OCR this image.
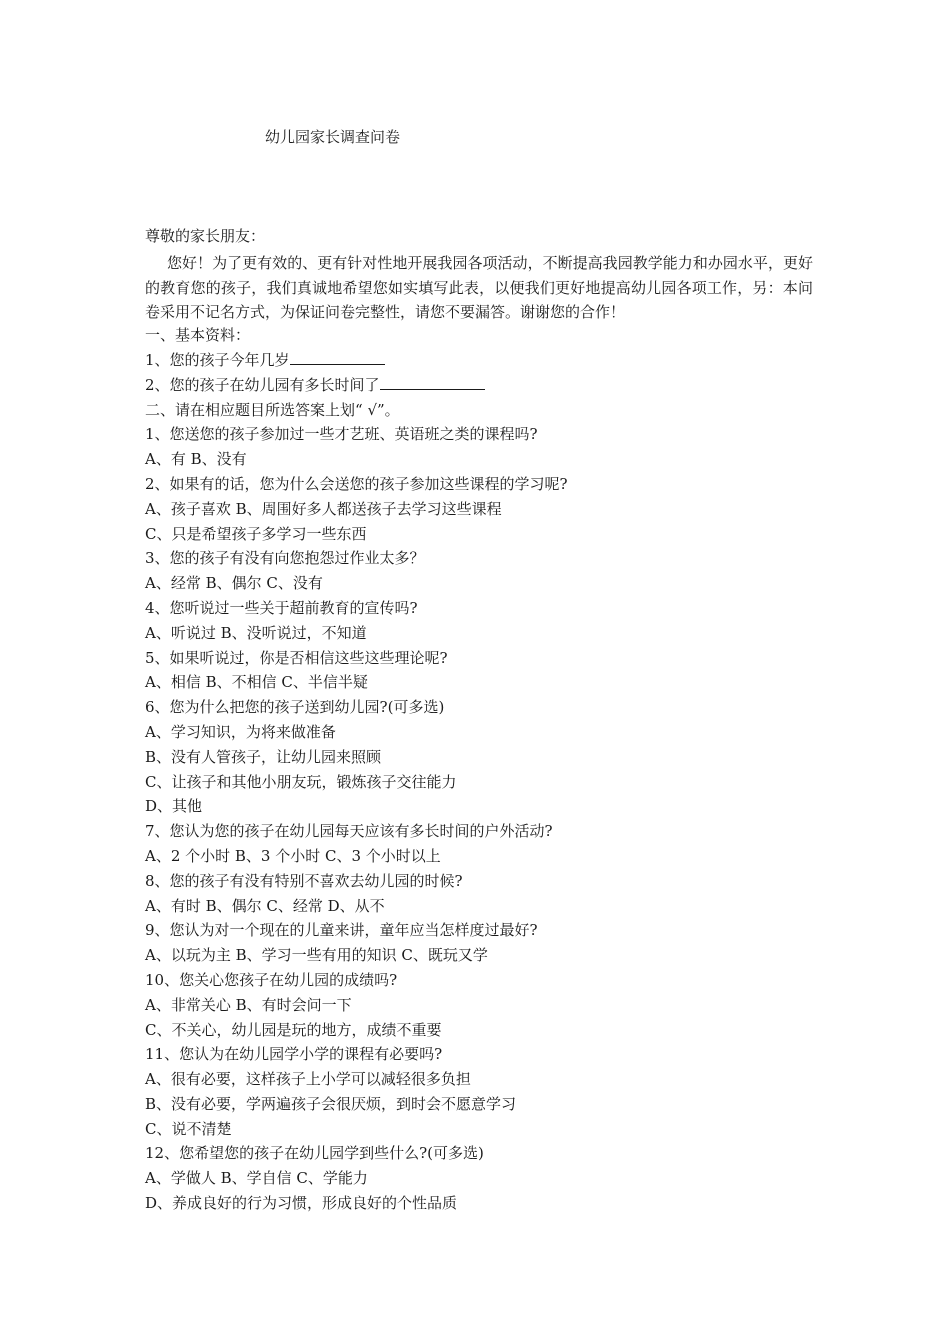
幼儿园家长调查问卷
尊敬的家长朋友：

您好！为了更有效的、更有针对性地开展我园各项活动，不断提高我园教学能力和办园水平，更好的教育您的孩子，我们真诚地希望您如实填写此表，以便我们更好地提高幼儿园各项工作，另：本问卷采用不记名方式，为保证问卷完整性，请您不要漏答。谢谢您的合作！

一、基本资料：
1、您的孩子今年几岁
2、您的孩子在幼儿园有多长时间了
二、请在相应题目所选答案上划“ √”。
1、您送您的孩子参加过一些才艺班、英语班之类的课程吗?
A、有 B、没有
2、如果有的话，您为什么会送您的孩子参加这些课程的学习呢?
A、孩子喜欢 B、周围好多人都送孩子去学习这些课程
C、只是希望孩子多学习一些东西
3、您的孩子有没有向您抱怨过作业太多？
A、经常 B、偶尔 C、没有
4、您听说过一些关于超前教育的宣传吗?
A、听说过 B、没听说过，不知道
5、如果听说过，你是否相信这些这些理论呢?
A、相信 B、不相信 C、半信半疑
6、您为什么把您的孩子送到幼儿园?(可多选)
A、学习知识，为将来做准备
B、没有人管孩子，让幼儿园来照顾
C、让孩子和其他小朋友玩，锻炼孩子交往能力
D、其他
7、您认为您的孩子在幼儿园每天应该有多长时间的户外活动?
A、2 个小时 B、3 个小时 C、3 个小时以上
8、您的孩子有没有特别不喜欢去幼儿园的时候?
A、有时 B、偶尔 C、经常 D、从不
9、您认为对一个现在的儿童来讲，童年应当怎样度过最好?
A、以玩为主 B、学习一些有用的知识 C、既玩又学
10、您关心您孩子在幼儿园的成绩吗?
A、非常关心 B、有时会问一下
C、不关心，幼儿园是玩的地方，成绩不重要
11、您认为在幼儿园学小学的课程有必要吗?
A、很有必要，这样孩子上小学可以减轻很多负担
B、没有必要，学两遍孩子会很厌烦，到时会不愿意学习
C、说不清楚
12、您希望您的孩子在幼儿园学到些什么?(可多选)
A、学做人 B、学自信 C、学能力
D、养成良好的行为习惯，形成良好的个性品质
